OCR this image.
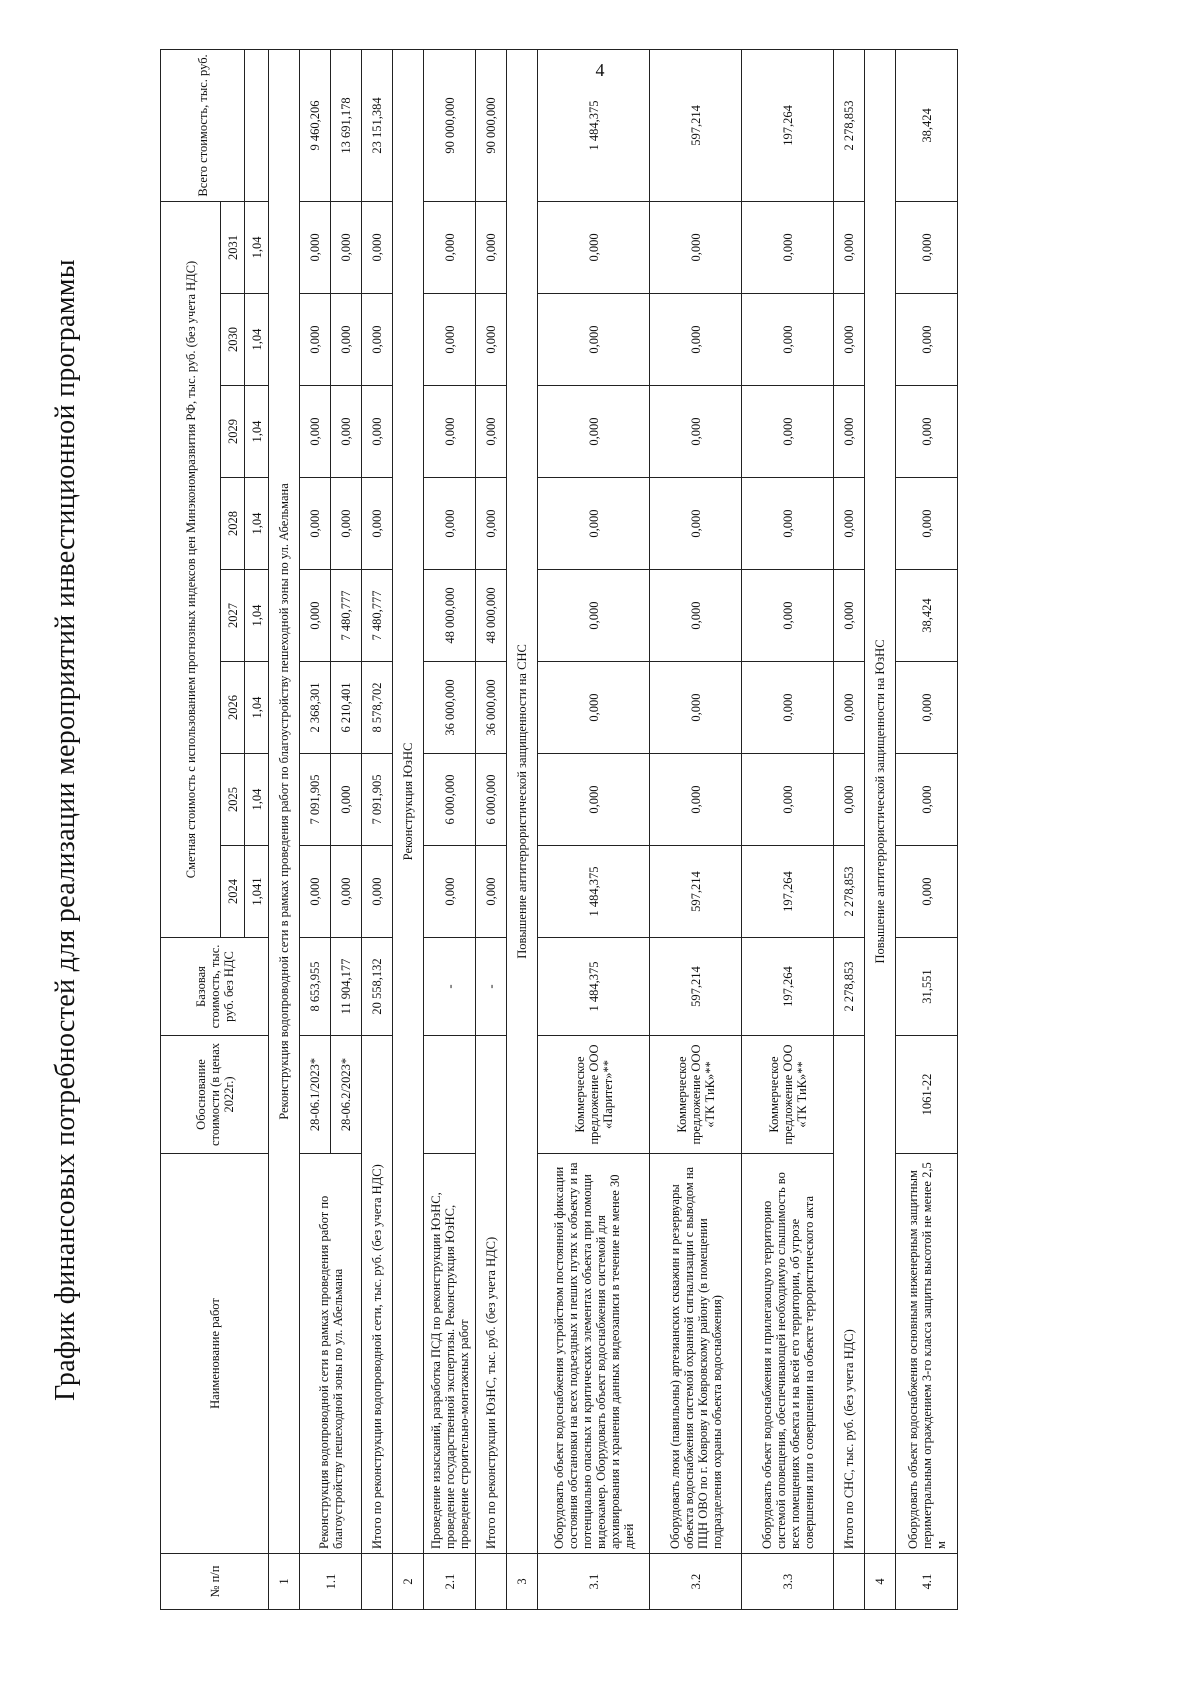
4
График финансовых потребностей для реализации мероприятий инвестиционной программы
№ п/п	Наименование работ	Обоснование стоимости (в ценах 2022г.)	Базовая стоимость, тыс. руб. без НДС	Сметная стоимость с использованием прогнозных индексов цен Минэкономразвития РФ, тыс. руб. (без учета НДС)								Всего стоимость, тыс. руб.
				2024	2025	2026	2027	2028	2029	2030	2031	
				1,041	1,04	1,04	1,04	1,04	1,04	1,04	1,04	
1	Реконструкция водопроводной сети в рамках проведения работ по благоустройству пешеходной зоны по ул. Абельмана											
1.1	Реконструкция водопроводной сети в рамках проведения работ по благоустройству пешеходной зоны по ул. Абельмана	28-06.1/2023*	8 653,955	0,000	7 091,905	2 368,301	0,000	0,000	0,000	0,000	0,000	9 460,206
		28-06.2/2023*	11 904,177	0,000	0,000	6 210,401	7 480,777	0,000	0,000	0,000	0,000	13 691,178
	Итого по реконструкции водопроводной сети, тыс. руб. (без учета НДС)		20 558,132	0,000	7 091,905	8 578,702	7 480,777	0,000	0,000	0,000	0,000	23 151,384
2	Реконструкция ЮзНС											
2.1	Проведение изысканий, разработка ПСД по реконструкции ЮзНС, проведение государственной экспертизы. Реконструкция ЮзНС, проведение строительно-монтажных работ		-	0,000	6 000,000	36 000,000	48 000,000	0,000	0,000	0,000	0,000	90 000,000
	Итого по реконструкции ЮзНС, тыс. руб. (без учета НДС)		-	0,000	6 000,000	36 000,000	48 000,000	0,000	0,000	0,000	0,000	90 000,000
3	Повышение антитеррористической защищенности на СНС											
3.1	Оборудовать объект водоснабжения устройством постоянной фиксации состояния обстановки на всех подъездных и пеших путях к объекту и на потенциально опасных и критических элементах объекта при помощи видеокамер. Оборудовать объект водоснабжения системой для архивирования и хранения данных видеозаписи в течение не менее 30 дней	Коммерческое предложение ООО «Паритет»**	1 484,375	1 484,375	0,000	0,000	0,000	0,000	0,000	0,000	0,000	1 484,375
3.2	Оборудовать люки (павильоны) артезианских скважин и резервуары объекта водоснабжения системой охранной сигнализации с выводом на ПЦН ОВО по г. Коврову и Ковровскому району (в помещении подразделения охраны объекта водоснабжения)	Коммерческое предложение ООО «ТК ТиК»**	597,214	597,214	0,000	0,000	0,000	0,000	0,000	0,000	0,000	597,214
3.3	Оборудовать объект водоснабжения и прилегающую территорию системой оповещения, обеспечивающей необходимую слышимость во всех помещениях объекта и на всей его территории, об угрозе совершения или о совершении на объекте террористического акта	Коммерческое предложение ООО «ТК ТиК»**	197,264	197,264	0,000	0,000	0,000	0,000	0,000	0,000	0,000	197,264
	Итого по СНС, тыс. руб. (без учета НДС)		2 278,853	2 278,853	0,000	0,000	0,000	0,000	0,000	0,000	0,000	2 278,853
4	Повышение антитеррористической защищенности на ЮзНС											
4.1	Оборудовать объект водоснабжения основным инженерным защитным периметральным ограждением 3-го класса защиты высотой не менее 2,5 м	1061-22	31,551	0,000	0,000	0,000	38,424	0,000	0,000	0,000	0,000	38,424
